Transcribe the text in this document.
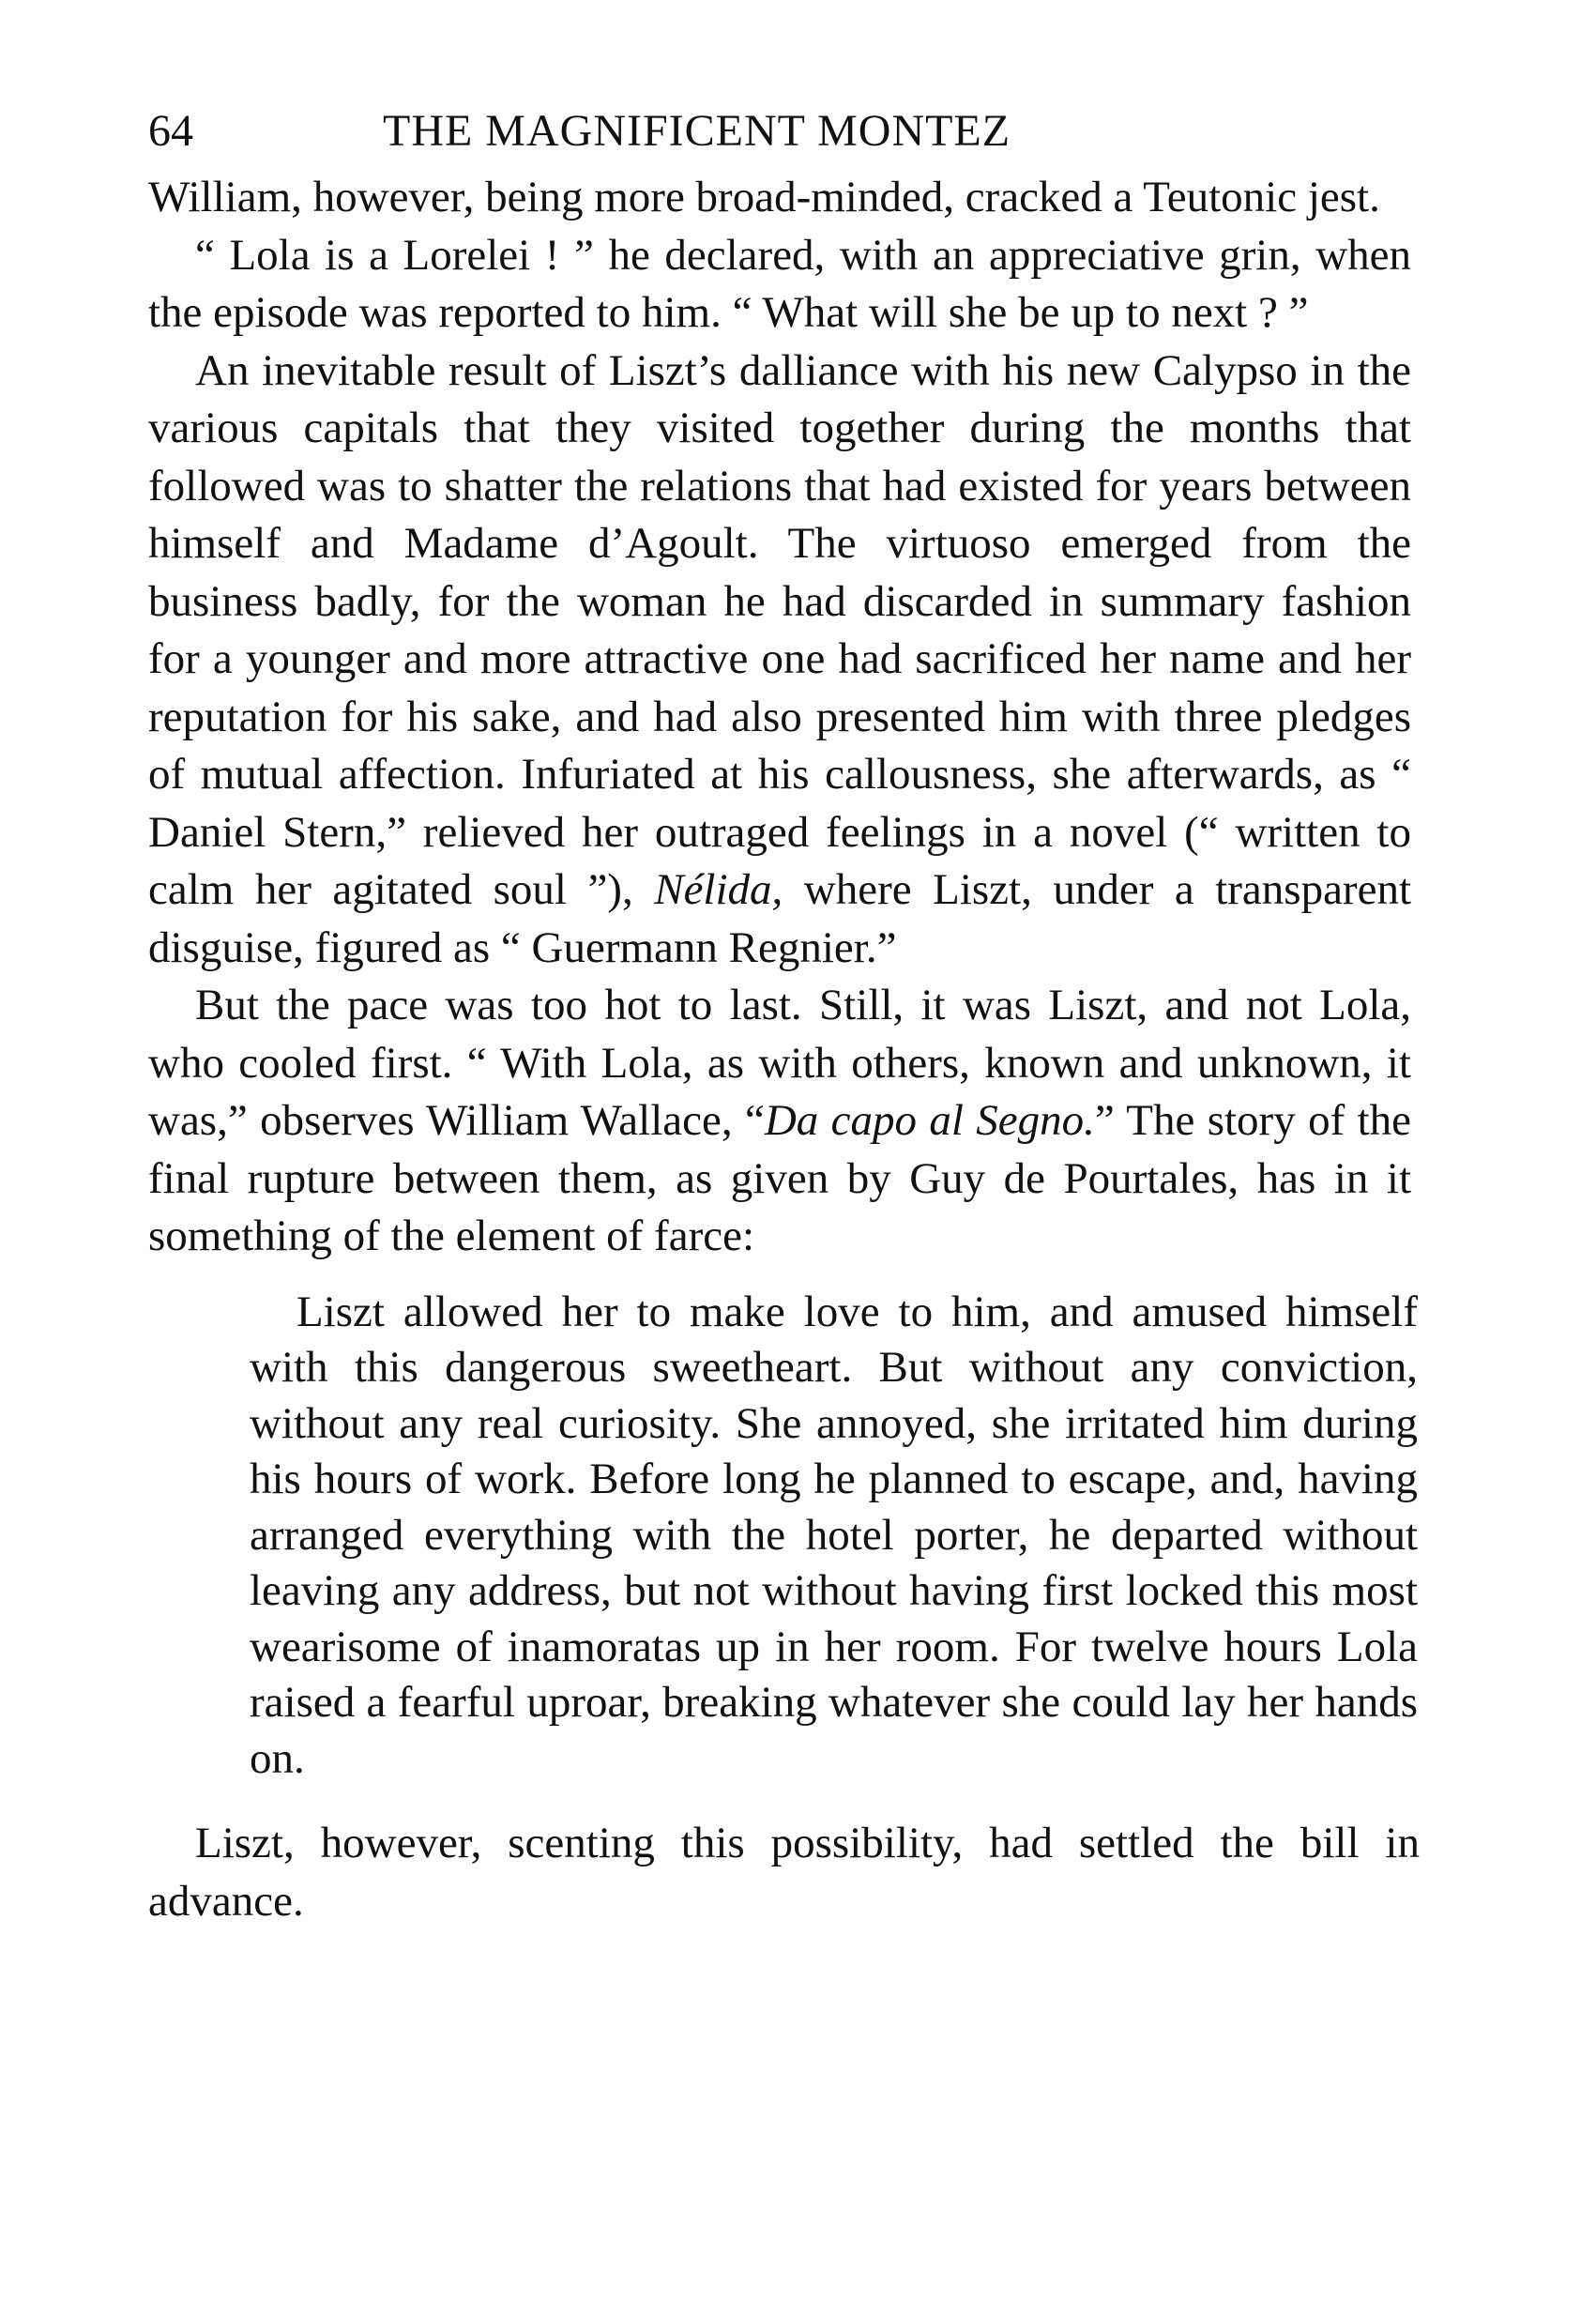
64	THE MAGNIFICENT MONTEZ

William, however, being more broad-minded, cracked a Teutonic jest.

“ Lola is a Lorelei ! ” he declared, with an appreciative grin, when the episode was reported to him. “ What will she be up to next ? ”

An inevitable result of Liszt’s dalliance with his new Calypso in the various capitals that they visited together during the months that followed was to shatter the relations that had existed for years between himself and Madame d’Agoult. The virtuoso emerged from the business badly, for the woman he had discarded in summary fashion for a younger and more attractive one had sacrificed her name and her reputation for his sake, and had also presented him with three pledges of mutual affection. Infuriated at his callousness, she afterwards, as “ Daniel Stern,” relieved her outraged feelings in a novel (“ written to calm her agitated soul ”), Nélida, where Liszt, under a transparent disguise, figured as “ Guermann Regnier.”

But the pace was too hot to last. Still, it was Liszt, and not Lola, who cooled first. “ With Lola, as with others, known and unknown, it was,” observes William Wallace, “Da capo al Segno.” The story of the final rupture between them, as given by Guy de Pourtales, has in it something of the element of farce:

Liszt allowed her to make love to him, and amused himself with this dangerous sweetheart. But without any conviction, without any real curiosity. She annoyed, she irritated him during his hours of work. Before long he planned to escape, and, having arranged everything with the hotel porter, he departed without leaving any address, but not without having first locked this most wearisome of inamoratas up in her room. For twelve hours Lola raised a fearful uproar, breaking whatever she could lay her hands on.

Liszt, however, scenting this possibility, had settled the bill in advance.
